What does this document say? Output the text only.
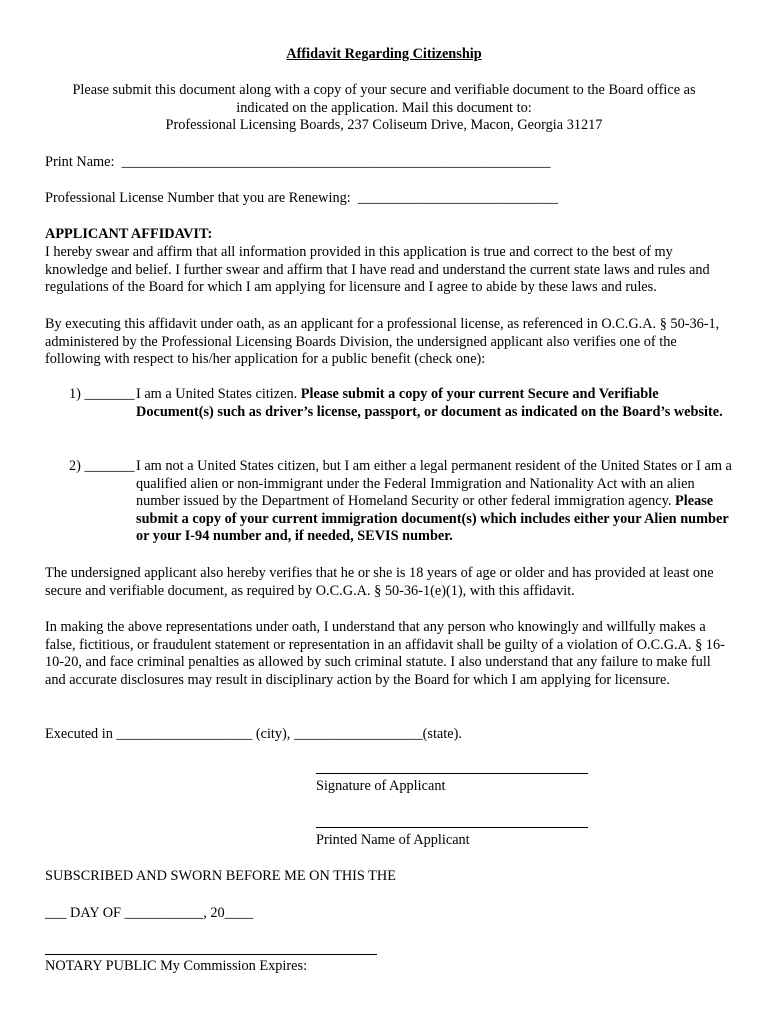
Affidavit Regarding Citizenship
Please submit this document along with a copy of your secure and verifiable document to the Board office as
indicated on the application. Mail this document to:
Professional Licensing Boards, 237 Coliseum Drive, Macon, Georgia 31217
Print Name:  ____________________________________________________________
Professional License Number that you are Renewing:  ____________________________
APPLICANT AFFIDAVIT:
I hereby swear and affirm that all information provided in this application is true and correct to the best of my knowledge and belief. I further swear and affirm that I have read and understand the current state laws and rules and regulations of the Board for which I am applying for licensure and I agree to abide by these laws and rules.
By executing this affidavit under oath, as an applicant for a professional license, as referenced in O.C.G.A. § 50-36-1, administered by the Professional Licensing Boards Division, the undersigned applicant also verifies one of the following with respect to his/her application for a public benefit (check one):
1) _______ I am a United States citizen. Please submit a copy of your current Secure and Verifiable Document(s) such as driver’s license, passport, or document as indicated on the Board’s website.
2) _______ I am not a United States citizen, but I am either a legal permanent resident of the United States or I am a qualified alien or non-immigrant under the Federal Immigration and Nationality Act with an alien number issued by the Department of Homeland Security or other federal immigration agency. Please submit a copy of your current immigration document(s) which includes either your Alien number or your I-94 number and, if needed, SEVIS number.
The undersigned applicant also hereby verifies that he or she is 18 years of age or older and has provided at least one secure and verifiable document, as required by O.C.G.A. § 50-36-1(e)(1), with this affidavit.
In making the above representations under oath, I understand that any person who knowingly and willfully makes a false, fictitious, or fraudulent statement or representation in an affidavit shall be guilty of a violation of O.C.G.A. § 16-10-20, and face criminal penalties as allowed by such criminal statute. I also understand that any failure to make full and accurate disclosures may result in disciplinary action by the Board for which I am applying for licensure.
Executed in ___________________ (city), __________________(state).
Signature of Applicant
Printed Name of Applicant
SUBSCRIBED AND SWORN BEFORE ME ON THIS THE
___ DAY OF ___________, 20____
NOTARY PUBLIC My Commission Expires:
